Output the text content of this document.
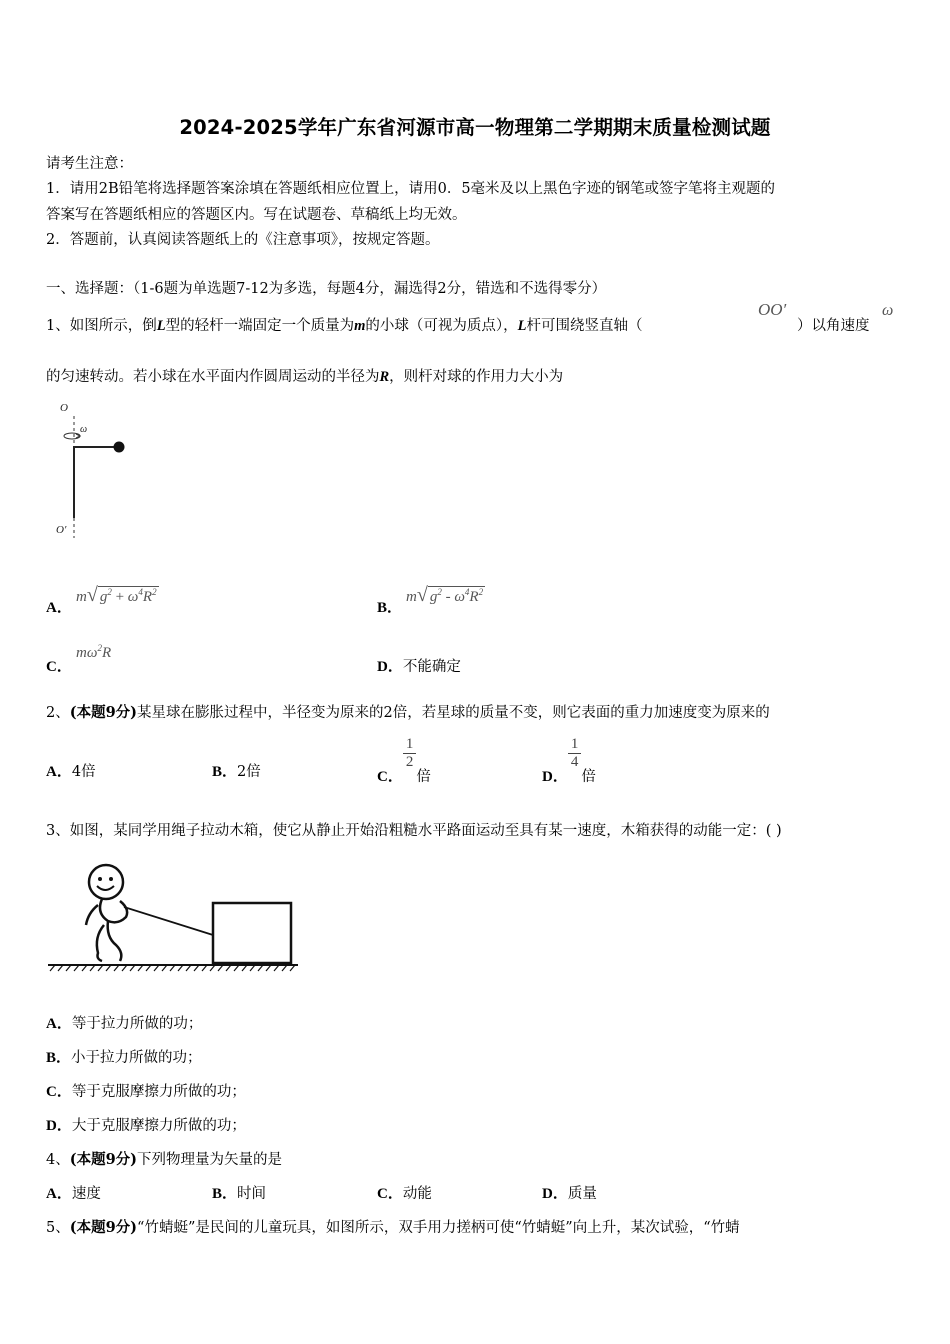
2024-2025学年广东省河源市高一物理第二学期期末质量检测试题
请考生注意：
1．请用2B铅笔将选择题答案涂填在答题纸相应位置上，请用0．5毫米及以上黑色字迹的钢笔或签字笔将主观题的
答案写在答题纸相应的答题区内。写在试题卷、草稿纸上均无效。
2．答题前，认真阅读答题纸上的《注意事项》，按规定答题。
一、选择题：（1-6题为单选题7-12为多选，每题4分，漏选得2分，错选和不选得零分）
1、如图所示，倒L型的轻杆一端固定一个质量为m的小球（可视为质点），L杆可围绕竖直轴（
OO′
）以角速度
ω
的匀速转动。若小球在水平面内作圆周运动的半径为R，则杆对球的作用力大小为
O
ω
O′
A．
m√ $g^2 + \omega^4R^2$
B．
m√ $g^2 - \omega^4R^2$
C．
$m\omega^2R$
D．不能确定
2、(本题9分)某星球在膨胀过程中，半径变为原来的2倍，若星球的质量不变，则它表面的重力加速度变为原来的
A．4倍	B．2倍	C．
$\frac{1}{2}$
倍	D．
$\frac{1}{4}$
倍
3、如图，某同学用绳子拉动木箱，使它从静止开始沿粗糙水平路面运动至具有某一速度，木箱获得的动能一定：( )
A．等于拉力所做的功；
B．小于拉力所做的功；
C．等于克服摩擦力所做的功；
D．大于克服摩擦力所做的功；
4、(本题9分)下列物理量为矢量的是
A．速度	B．时间	C．动能	D．质量
5、(本题9分)“竹蜻蜓”是民间的儿童玩具，如图所示，双手用力搓柄可使“竹蜻蜓”向上升，某次试验，“竹蜻
